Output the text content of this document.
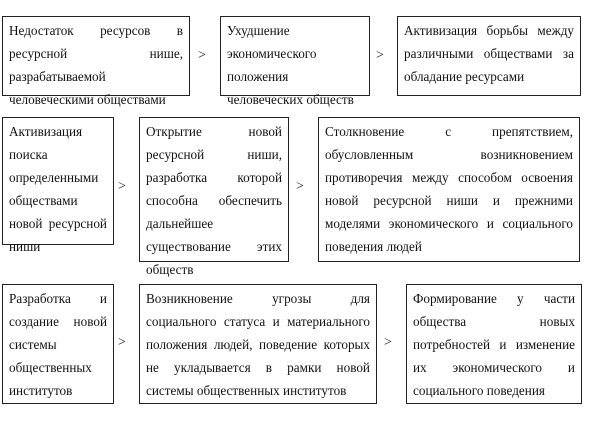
Недостаток ресурсов в ресурсной нише, разрабатываемой человеческими обществами
>
Ухудшение экономического положения человеческих обществ
>
Активизация борьбы между различными обществами за обладание ресурсами
Активизация поиска определенными обществами новой ресурсной ниши
>
Открытие новой ресурсной ниши, разработка которой способна обеспечить дальнейшее существование этих обществ
>
Столкновение с препятствием, обусловленным возникновением противоречия между способом освоения новой ресурсной ниши и прежними моделями экономического и социального поведения людей
Разработка и создание новой системы общественных институтов
>
Возникновение угрозы для социального статуса и материального положения людей, поведение которых не укладывается в рамки новой системы общественных институтов
>
Формирование у части общества новых потребностей и изменение их экономического и социального поведения
